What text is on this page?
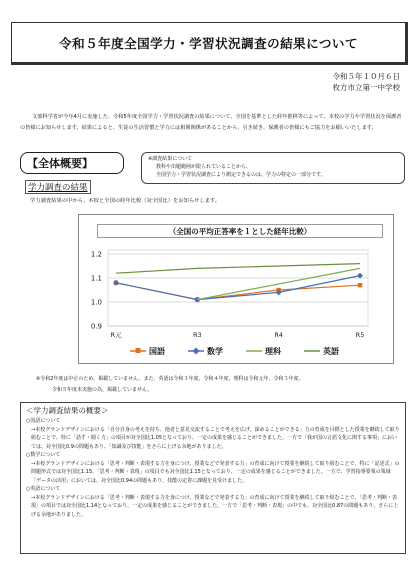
令和５年度全国学力・学習状況調査の結果について
令和５年１０月６日
枚方市立第一中学校
文部科学省が今年4月に実施した、令和5年度全国学力・学習状況調査の結果について、全国を基準とした経年推移等によって、本校の学力や学習状況を保護者の皆様にお知らせします。結果によると、生徒の生活習慣と学力には相関関係があることから、引き続き、保護者の皆様にもご協力をお願いいたします。
【全体概要】
学力調査の結果
※調査結果について
教科や出題範囲が限られていることから、
全国学力・学習状況調査により測定できるのは、学力の特定の一部分です。
学力調査結果の中から、本校と全国の経年比較（対全国比）をお知らせします。
（全国の平均正答率を１とした経年比較）
0.9
1.0
1.1
1.2
R元	R3	R4	R5
国語	数学	理科	英語
※令和2年度は中止のため、掲載していません。また、英語は令和３年度、令和４年度、理科は令和元年、令和３年度、
令和５年度未実施の為、掲載していません。
＜学力調査結果の概要＞
○国語について
→本校グランドデザインにおける「自分自身の考えを持ち、他者と意見交流することで考えを広げ、深めることができる」力の育成を目標とした授業を継続して取り組むことで、特に「話す・聞く力」の項目が対全国比1.05となっており、一定の成果を感じることができました。一方で「我が国の言語文化に関する事項」においては、対全国比0.9の問題もあり、「知識及び技能」をさらに上げる余地がありました。
○数学について
→本校グランドデザインにおける「思考・判断・表現する力を身につけ、授業などで発表する力」の育成に向けて授業を継続して取り組むことで、特に「記述式」の問題形式では対全国比1.15、「思考・判断・表現」の項目でも対全国比1.15となっており、一定の成果を感じることができました。一方で、学習指導要領の領域「データの活用」においては、対全国比0.94の問題もあり、技能の定着に課題を見受けました。
○英語について
→本校グランドデザインにおける「思考・判断・表現する力を身につけ、授業などで発表する力」の育成に向けて授業を継続して取り組むことで、「思考・判断・表現」の項目では対全国比1.14となっており、一定の成果を感じることができました。一方で「思考・判断・表現」の中でも、対全国比0.87の問題もあり、さらに上げる余地がありました。
